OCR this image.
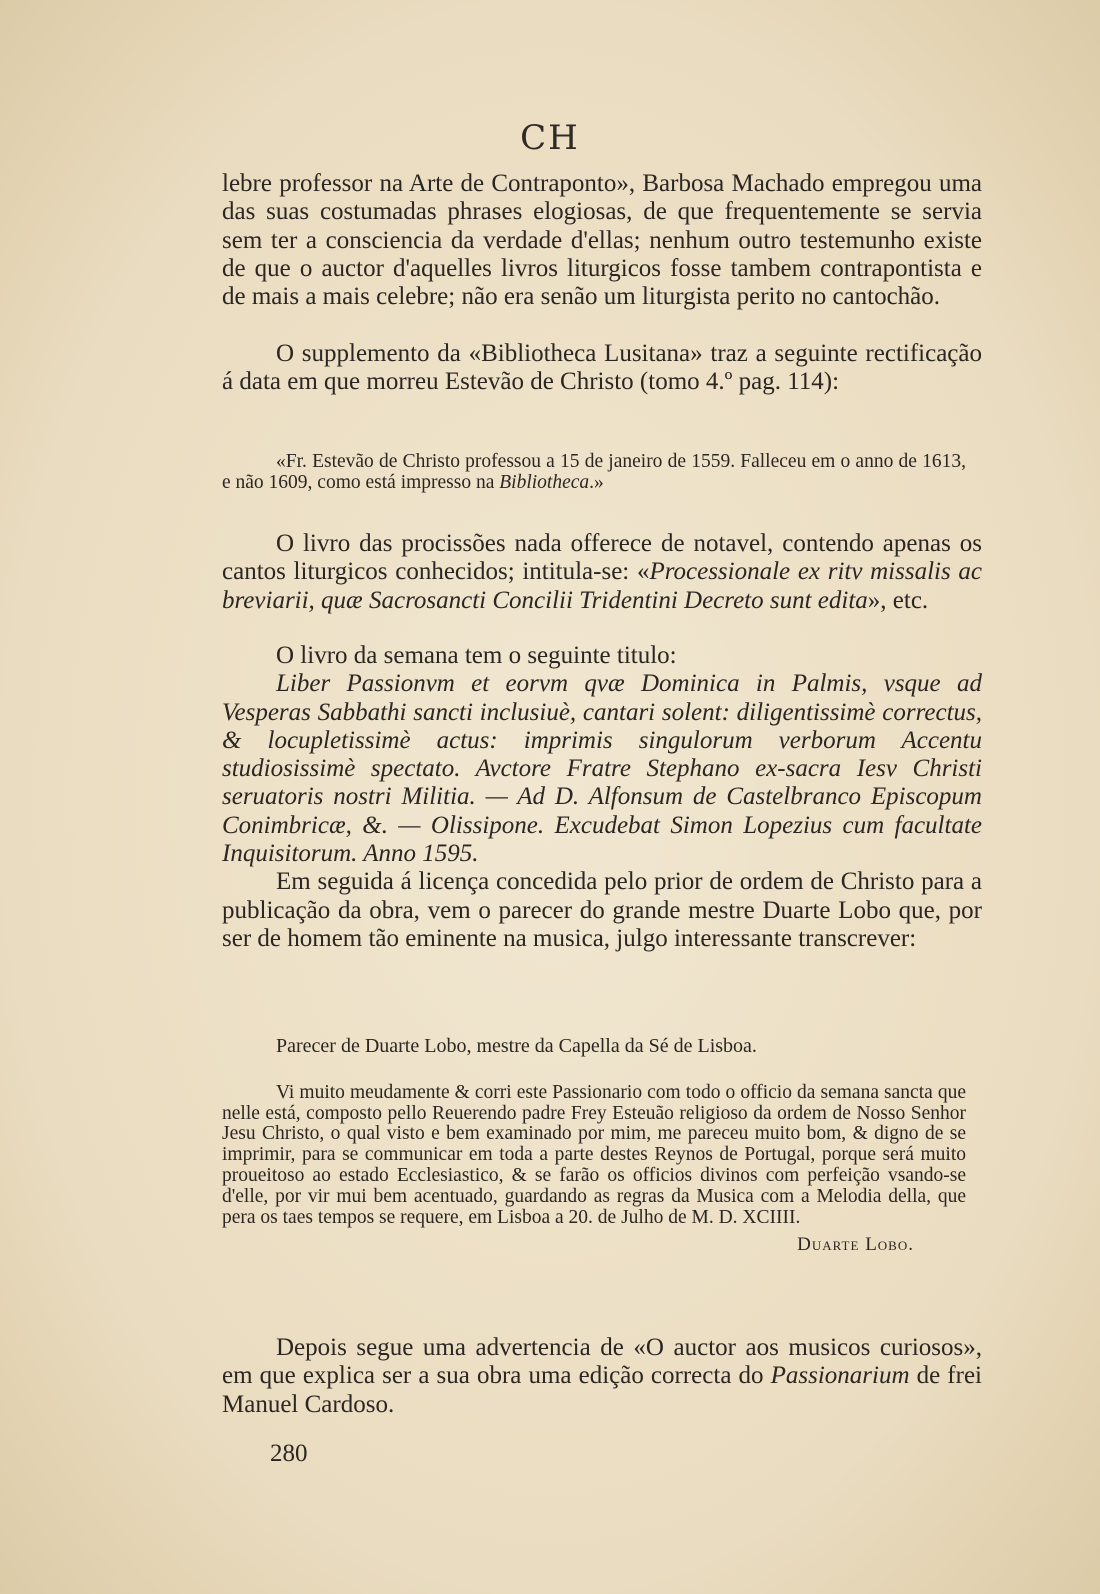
CH

lebre professor na Arte de Contraponto», Barbosa Machado empregou uma das suas costumadas phrases elogiosas, de que frequentemente se servia sem ter a consciencia da verdade d'ellas; nenhum outro testemunho existe de que o auctor d'aquelles livros liturgicos fosse tambem contrapontista e de mais a mais celebre; não era senão um liturgista perito no cantochão.

O supplemento da «Bibliotheca Lusitana» traz a seguinte rectificação á data em que morreu Estevão de Christo (tomo 4.º pag. 114):

«Fr. Estevão de Christo professou a 15 de janeiro de 1559. Falleceu em o anno de 1613, e não 1609, como está impresso na Bibliotheca.»

O livro das procissões nada offerece de notavel, contendo apenas os cantos liturgicos conhecidos; intitula-se: «Processionale ex ritv missalis ac breviarii, quæ Sacrosancti Concilii Tridentini Decreto sunt edita», etc.

O livro da semana tem o seguinte titulo:

Liber Passionvm et eorvm qvæ Dominica in Palmis, vsque ad Vesperas Sabbathi sancti inclusiuè, cantari solent: diligentissimè correctus, & locupletissimè actus: imprimis singulorum verborum Accentu studiosissimè spectato. Avctore Fratre Stephano ex-sacra Iesv Christi seruatoris nostri Militia. — Ad D. Alfonsum de Castelbranco Episcopum Conimbricæ, &. — Olissipone. Excudebat Simon Lopezius cum facultate Inquisitorum. Anno 1595.

Em seguida á licença concedida pelo prior de ordem de Christo para a publicação da obra, vem o parecer do grande mestre Duarte Lobo que, por ser de homem tão eminente na musica, julgo interessante transcrever:

Parecer de Duarte Lobo, mestre da Capella da Sé de Lisboa.

Vi muito meudamente & corri este Passionario com todo o officio da semana sancta que nelle está, composto pello Reuerendo padre Frey Esteuão religioso da ordem de Nosso Senhor Jesu Christo, o qual visto e bem examinado por mim, me pareceu muito bom, & digno de se imprimir, para se communicar em toda a parte destes Reynos de Portugal, porque será muito proueitoso ao estado Ecclesiastico, & se farão os officios divinos com perfeição vsando-se d'elle, por vir mui bem acentuado, guardando as regras da Musica com a Melodia della, que pera os taes tempos se requere, em Lisboa a 20. de Julho de M. D. XCIIII.

Duarte Lobo.

Depois segue uma advertencia de «O auctor aos musicos curiosos», em que explica ser a sua obra uma edição correcta do Passionarium de frei Manuel Cardoso.

280
